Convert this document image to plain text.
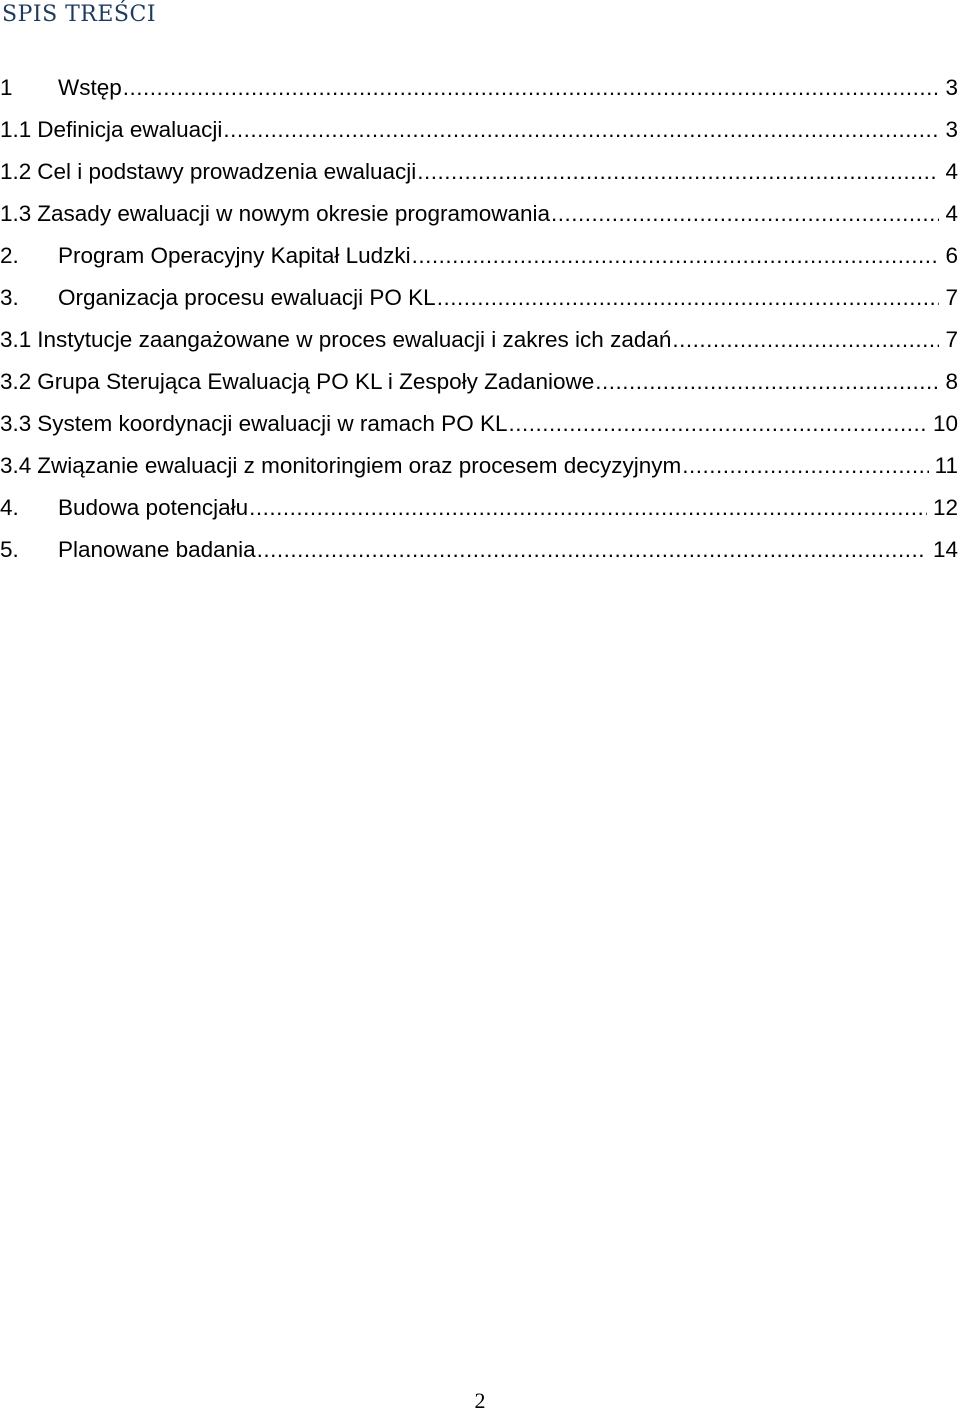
SPIS TREŚCI
1	Wstęp .....	3
1.1 Definicja ewaluacji .....	3
1.2 Cel i podstawy prowadzenia ewaluacji .....	4
1.3 Zasady ewaluacji w nowym okresie programowania .....	4
2.	Program Operacyjny Kapitał Ludzki .....	6
3.	Organizacja procesu ewaluacji PO KL .....	7
3.1 Instytucje zaangażowane w proces ewaluacji i zakres ich zadań .....	7
3.2 Grupa Sterująca Ewaluacją PO KL i Zespoły Zadaniowe .....	8
3.3 System koordynacji ewaluacji w ramach PO KL .....	10
3.4 Związanie ewaluacji z monitoringiem oraz procesem decyzyjnym .....	11
4.	Budowa potencjału .....	12
5.	Planowane badania .....	14
2
